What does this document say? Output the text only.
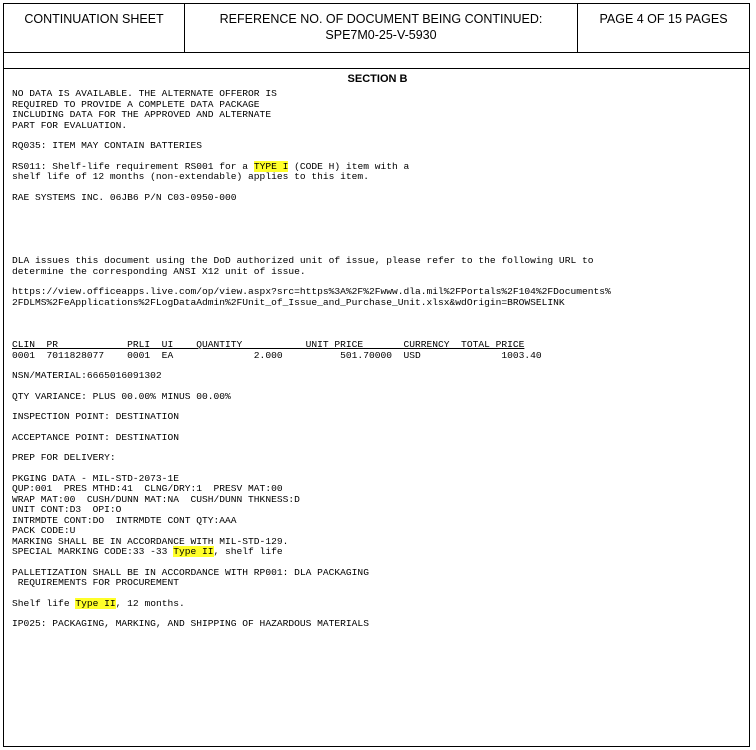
CONTINUATION SHEET	REFERENCE NO. OF DOCUMENT BEING CONTINUED:
SPE7M0-25-V-5930
PAGE 4 OF 15 PAGES
SECTION B

NO DATA IS AVAILABLE. THE ALTERNATE OFFEROR IS
REQUIRED TO PROVIDE A COMPLETE DATA PACKAGE
INCLUDING DATA FOR THE APPROVED AND ALTERNATE
PART FOR EVALUATION.

RQ035: ITEM MAY CONTAIN BATTERIES

RS011: Shelf-life requirement RS001 for a TYPE I (CODE H) item with a
shelf life of 12 months (non-extendable) applies to this item.

RAE SYSTEMS INC. 06JB6 P/N C03-0950-000

DLA issues this document using the DoD authorized unit of issue, please refer to the following URL to
determine the corresponding ANSI X12 unit of issue.

https://view.officeapps.live.com/op/view.aspx?src=https%3A%2F%2Fwww.dla.mil%2FPortals%2F104%2FDocuments%
2FDLMS%2FeApplications%2FLogDataAdmin%2FUnit_of_Issue_and_Purchase_Unit.xlsx&wdOrigin=BROWSELINK

CLIN  PR            PRLI  UI    QUANTITY           UNIT PRICE       CURRENCY  TOTAL PRICE
0001  7011828077    0001  EA              2.000          501.70000  USD              1003.40

NSN/MATERIAL:6665016091302

QTY VARIANCE: PLUS 00.00% MINUS 00.00%

INSPECTION POINT: DESTINATION

ACCEPTANCE POINT: DESTINATION

PREP FOR DELIVERY:

PKGING DATA - MIL-STD-2073-1E
QUP:001  PRES MTHD:41  CLNG/DRY:1  PRESV MAT:00
WRAP MAT:00  CUSH/DUNN MAT:NA  CUSH/DUNN THKNESS:D
UNIT CONT:D3  OPI:O
INTRMDTE CONT:DO  INTRMDTE CONT QTY:AAA
PACK CODE:U
MARKING SHALL BE IN ACCORDANCE WITH MIL-STD-129.
SPECIAL MARKING CODE:33 -33 Type II, shelf life

PALLETIZATION SHALL BE IN ACCORDANCE WITH RP001: DLA PACKAGING
REQUIREMENTS FOR PROCUREMENT

Shelf life Type II, 12 months.

IP025: PACKAGING, MARKING, AND SHIPPING OF HAZARDOUS MATERIALS
